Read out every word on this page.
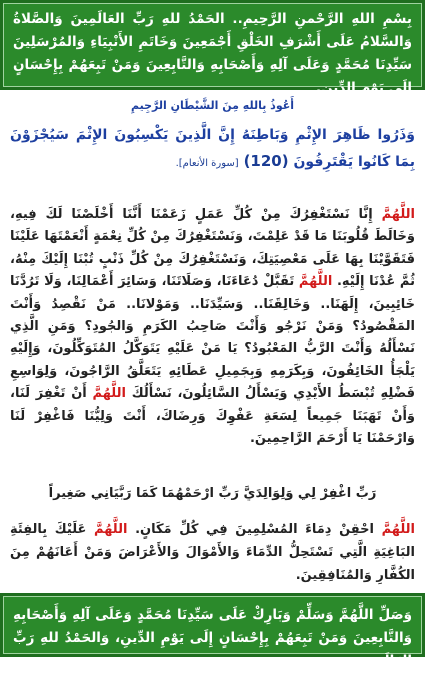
بِسْمِ اللهِ الرَّحْمنِ الرَّحِيمِ.. الحَمْدُ للهِ رَبِّ العَالَمِينَ وَالصَّلاةُ وَالسَّلامُ عَلَى أَشْرَفِ الخَلْقِ أَجْمَعِينَ وَخَاتَمِ الأَنْبِيَاءِ وَالمُرْسَلِينَ سَيِّدِنَا مُحَمَّدٍ وَعَلَى آلِهِ وَأَصْحَابِهِ وَالتَّابِعِينَ وَمَنْ تَبِعَهُمْ بِإِحْسَانٍ إِلَى يَوْمِ الدِّينِ.
أَعُوذُ بِاللهِ مِنَ الشَّيْطَانِ الرَّجِيمِ
وَذَرُوا ظَاهِرَ الإِثْمِ وَبَاطِنَهُ إِنَّ الَّذِينَ يَكْسِبُونَ الإِثْمَ سَيُجْزَوْنَ بِمَا كَانُوا يَقْتَرِفُونَ (120) [سورة الأنعام].
اللَّهُمَّ إِنَّا نَسْتَغْفِرُكَ مِنْ كُلِّ عَمَلٍ زَعَمْنَا أَنَّنَا أَخْلَصْنَا لَكَ فِيهِ، وَخَالَطَ قُلُوبَنَا مَا قَدْ عَلِمْتَ، وَنَسْتَغْفِرُكَ مِنْ كُلِّ نِعْمَةٍ أَنْعَمْتَهَا عَلَيْنَا فَتَقَوَّيْنَا بِهَا عَلَى مَعْصِيَتِكَ، وَنَسْتَغْفِرُكَ مِنْ كُلِّ ذَنْبٍ تُبْنَا إِلَيْكَ مِنْهُ، ثُمَّ عُدْنَا إِلَيْهِ. اللَّهُمَّ تَقَبَّلْ دُعَاءَنَا، وَصَلَاتَنَا، وَسَائِرَ أَعْمَالِنَا، وَلَا تَرُدَّنَا خَائِبِينَ، إِلَهَنَا.. وَخَالِقَنَا.. وَسَيِّدَنَا.. وَمَوْلانَا.. مَنْ نَقْصِدُ وَأَنْتَ المَقْصُودُ؟ وَمَنْ نَرْجُو وَأَنْتَ صَاحِبُ الكَرَمِ وَالجُودِ؟ وَمَنِ الَّذِي نَسْأَلُهُ وَأَنْتَ الرَّبُّ المَعْبُودُ؟ يَا مَنْ عَلَيْهِ يَتَوَكَّلُ المُتَوَكِّلُونَ، وَإِلَيْهِ يَلْجَأُ الخَائِفُونَ، وَبِكَرَمِهِ وَبِجَمِيلِ عَطَائِهِ يَتَعَلَّقُ الرَّاجُونَ، وَلِوَاسِعِ فَضْلِهِ تُبْسَطُ الأَيْدِي وَيَسْأَلُ السَّائِلُونَ، نَسْأَلُكَ اللَّهُمَّ أَنْ تَغْفِرَ لَنَا، وَأَنْ تَهَبَنَا جَمِيعاً لِسَعَةِ عَفْوِكَ وَرِضَاكَ، أَنْتَ وَلِيُّنَا فَاغْفِرْ لَنَا وَارْحَمْنَا يَا أَرْحَمَ الرَّاحِمِينَ.
رَبِّ اغْفِرْ لِي وَلِوَالِدَيَّ رَبِّ ارْحَمْهُمَا كَمَا رَبَّيَانِي صَغِيراً
اللَّهُمَّ احْقِنْ دِمَاءَ المُسْلِمِينَ فِي كُلِّ مَكَانٍ. اللَّهُمَّ عَلَيْكَ بِالفِئَةِ البَاغِيَةِ الَّتِي تَسْتَحِلُّ الدِّمَاءَ وَالأَمْوَالَ وَالأَعْرَاضَ وَمَنْ أَعَانَهُمْ مِنَ الكُفَّارِ وَالمُنَافِقِينَ.
وَصَلِّ اللَّهُمَّ وَسَلِّمْ وَبَارِكْ عَلَى سَيِّدِنَا مُحَمَّدٍ وَعَلَى آلِهِ وَأَصْحَابِهِ وَالتَّابِعِينَ وَمَنْ تَبِعَهُمْ بِإِحْسَانٍ إِلَى يَوْمِ الدِّينِ، وَالحَمْدُ للهِ رَبِّ العَالَمِينَ.
